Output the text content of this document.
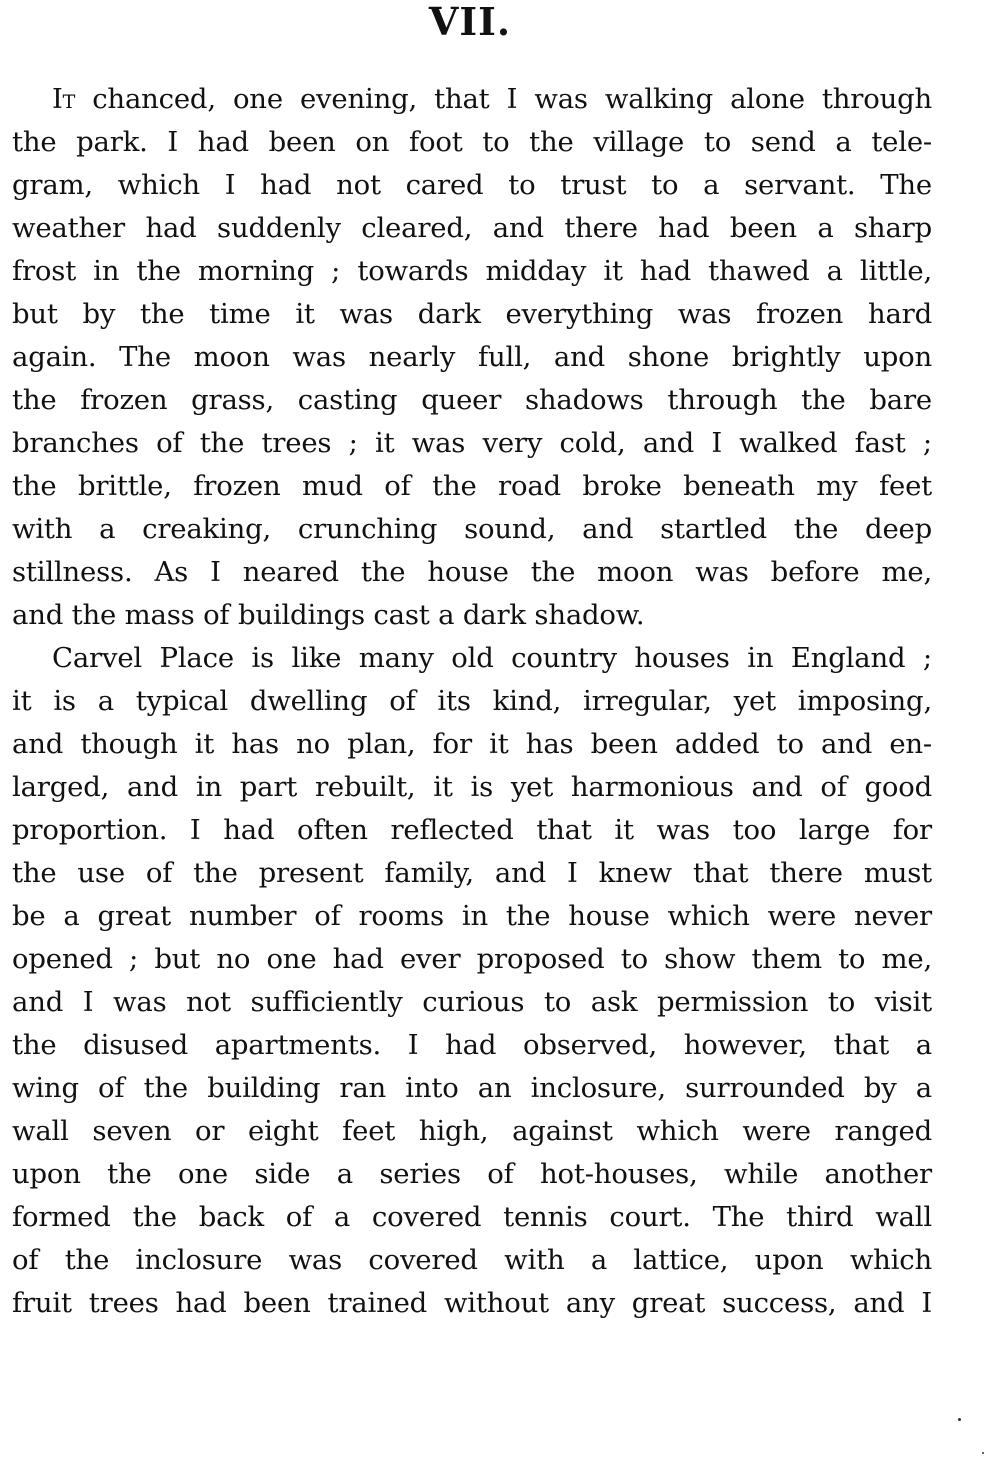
VII.
It chanced, one evening, that I was walking alone through
the park. I had been on foot to the village to send a tele-
gram, which I had not cared to trust to a servant. The
weather had suddenly cleared, and there had been a sharp
frost in the morning ; towards midday it had thawed a little,
but by the time it was dark everything was frozen hard
again. The moon was nearly full, and shone brightly upon
the frozen grass, casting queer shadows through the bare
branches of the trees ; it was very cold, and I walked fast ;
the brittle, frozen mud of the road broke beneath my feet
with a creaking, crunching sound, and startled the deep
stillness. As I neared the house the moon was before me,
and the mass of buildings cast a dark shadow.
Carvel Place is like many old country houses in England ;
it is a typical dwelling of its kind, irregular, yet imposing,
and though it has no plan, for it has been added to and en-
larged, and in part rebuilt, it is yet harmonious and of good
proportion. I had often reflected that it was too large for
the use of the present family, and I knew that there must
be a great number of rooms in the house which were never
opened ; but no one had ever proposed to show them to me,
and I was not sufficiently curious to ask permission to visit
the disused apartments. I had observed, however, that a
wing of the building ran into an inclosure, surrounded by a
wall seven or eight feet high, against which were ranged
upon the one side a series of hot-houses, while another
formed the back of a covered tennis court. The third wall
of the inclosure was covered with a lattice, upon which
fruit trees had been trained without any great success, and I
